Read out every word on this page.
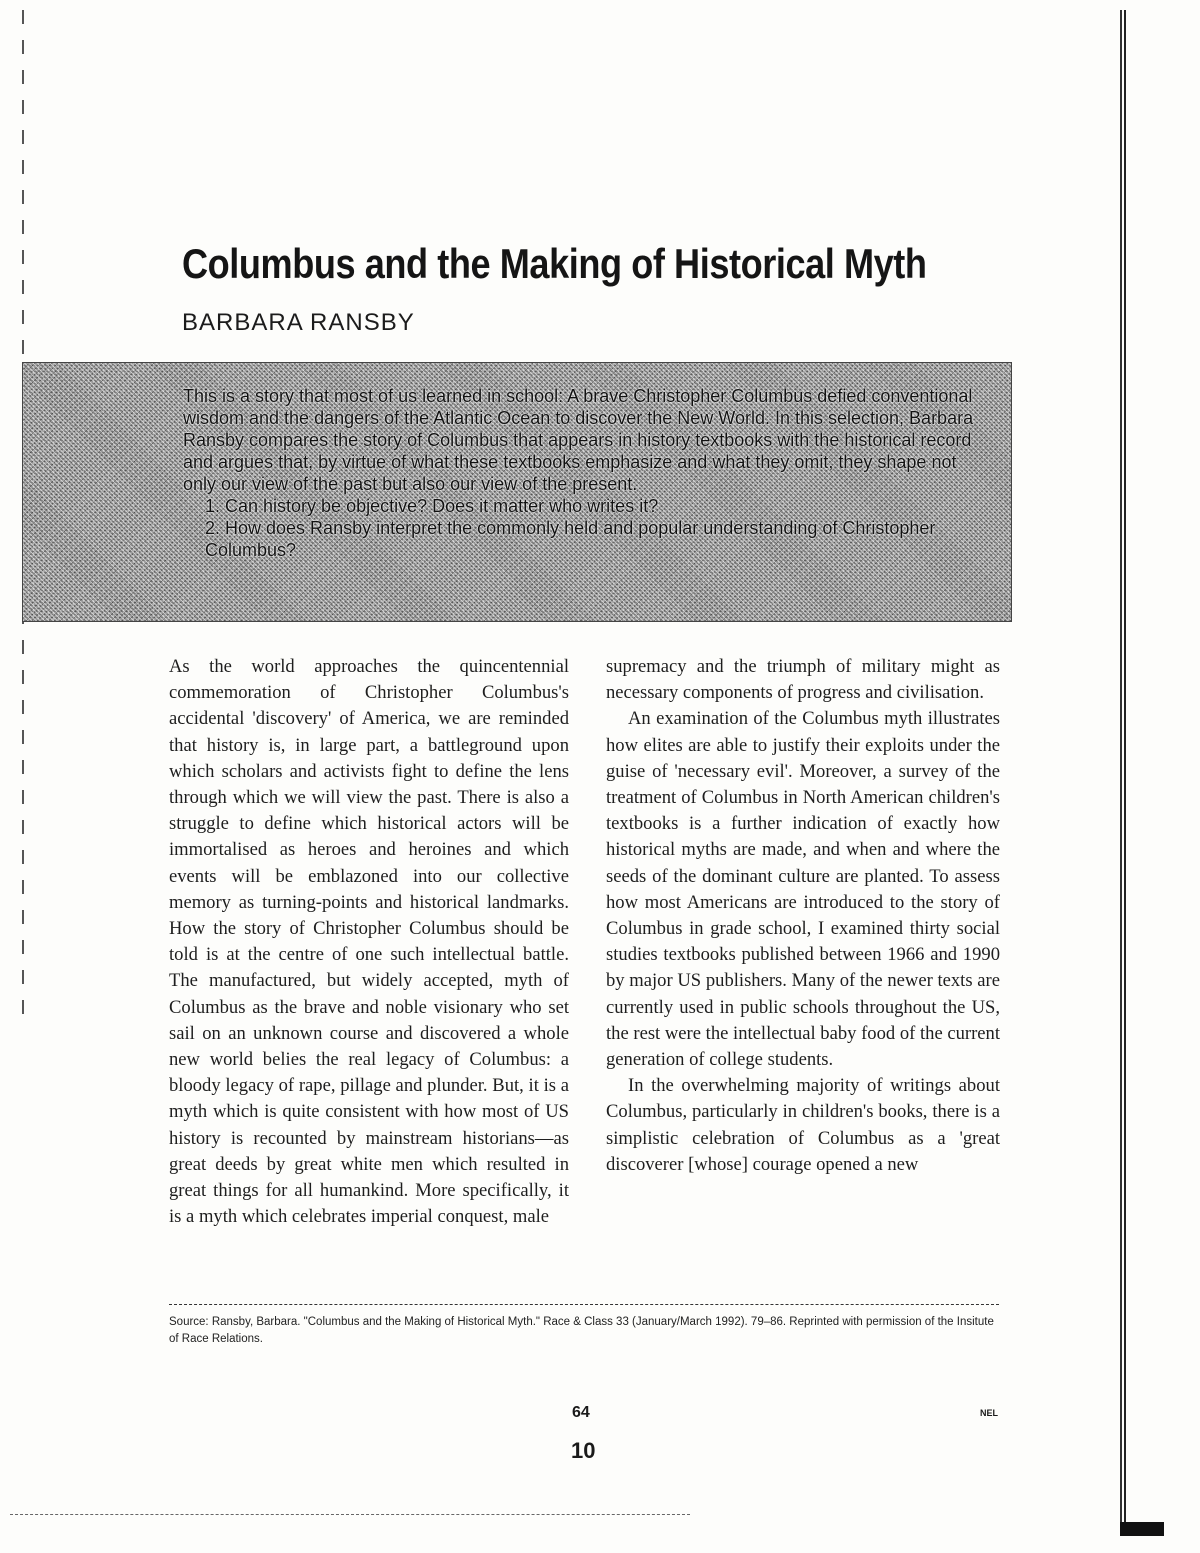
Columbus and the Making of Historical Myth
BARBARA RANSBY
This is a story that most of us learned in school: A brave Christopher Columbus defied conventional wisdom and the dangers of the Atlantic Ocean to discover the New World. In this selection, Barbara Ransby compares the story of Columbus that appears in history textbooks with the historical record and argues that, by virtue of what these textbooks emphasize and what they omit, they shape not only our view of the past but also our view of the present.
1. Can history be objective? Does it matter who writes it?
2. How does Ransby interpret the commonly held and popular understanding of Christopher Columbus?

As the world approaches the quincentennial commemoration of Christopher Columbus's accidental 'discovery' of America, we are reminded that history is, in large part, a battleground upon which scholars and activists fight to define the lens through which we will view the past. There is also a struggle to define which historical actors will be immortalised as heroes and heroines and which events will be emblazoned into our collective memory as turning-points and historical landmarks. How the story of Christopher Columbus should be told is at the centre of one such intellectual battle. The manufactured, but widely accepted, myth of Columbus as the brave and noble visionary who set sail on an unknown course and discovered a whole new world belies the real legacy of Columbus: a bloody legacy of rape, pillage and plunder. But, it is a myth which is quite consistent with how most of US history is recounted by mainstream historians—as great deeds by great white men which resulted in great things for all humankind. More specifically, it is a myth which celebrates imperial conquest, male

supremacy and the triumph of military might as necessary components of progress and civilisation.

An examination of the Columbus myth illustrates how elites are able to justify their exploits under the guise of 'necessary evil'. Moreover, a survey of the treatment of Columbus in North American children's textbooks is a further indication of exactly how historical myths are made, and when and where the seeds of the dominant culture are planted. To assess how most Americans are introduced to the story of Columbus in grade school, I examined thirty social studies textbooks published between 1966 and 1990 by major US publishers. Many of the newer texts are currently used in public schools throughout the US, the rest were the intellectual baby food of the current generation of college students.

In the overwhelming majority of writings about Columbus, particularly in children's books, there is a simplistic celebration of Columbus as a 'great discoverer [whose] courage opened a new

Source: Ransby, Barbara. "Columbus and the Making of Historical Myth." Race & Class 33 (January/March 1992). 79–86. Reprinted with permission of the Insitute of Race Relations.
64	NEL
10
